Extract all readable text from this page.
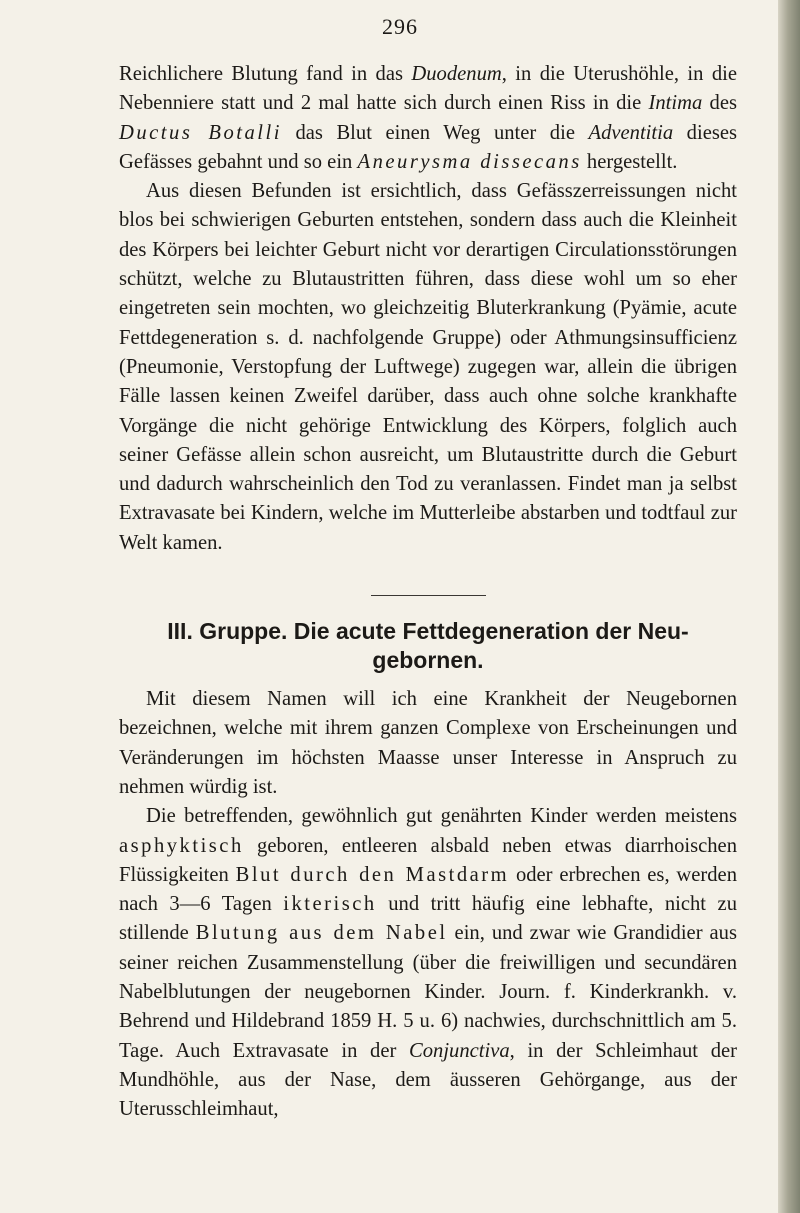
296

Reichlichere Blutung fand in das Duodenum, in die Uterushöhle, in die Nebenniere statt und 2 mal hatte sich durch einen Riss in die Intima des Ductus Botalli das Blut einen Weg unter die Adventitia dieses Gefässes gebahnt und so ein Aneurysma dissecans hergestellt.

Aus diesen Befunden ist ersichtlich, dass Gefässzerreissungen nicht blos bei schwierigen Geburten entstehen, sondern dass auch die Kleinheit des Körpers bei leichter Geburt nicht vor derartigen Circulationsstörungen schützt, welche zu Blutaustritten führen, dass diese wohl um so eher eingetreten sein mochten, wo gleichzeitig Bluterkrankung (Pyämie, acute Fettdegeneration s. d. nachfolgende Gruppe) oder Athmungsinsufficienz (Pneumonie, Verstopfung der Luftwege) zugegen war, allein die übrigen Fälle lassen keinen Zweifel darüber, dass auch ohne solche krankhafte Vorgänge die nicht gehörige Entwicklung des Körpers, folglich auch seiner Gefässe allein schon ausreicht, um Blutaustritte durch die Geburt und dadurch wahrscheinlich den Tod zu veranlassen. Findet man ja selbst Extravasate bei Kindern, welche im Mutterleibe abstarben und todtfaul zur Welt kamen.

III. Gruppe. Die acute Fettdegeneration der Neu-
gebornen.

Mit diesem Namen will ich eine Krankheit der Neugebornen bezeichnen, welche mit ihrem ganzen Complexe von Erscheinungen und Veränderungen im höchsten Maasse unser Interesse in Anspruch zu nehmen würdig ist.

Die betreffenden, gewöhnlich gut genährten Kinder werden meistens asphyktisch geboren, entleeren alsbald neben etwas diarrhoischen Flüssigkeiten Blut durch den Mastdarm oder erbrechen es, werden nach 3—6 Tagen ikterisch und tritt häufig eine lebhafte, nicht zu stillende Blutung aus dem Nabel ein, und zwar wie Grandidier aus seiner reichen Zusammenstellung (über die freiwilligen und secundären Nabelblutungen der neugebornen Kinder. Journ. f. Kinderkrankh. v. Behrend und Hildebrand 1859 H. 5 u. 6) nachwies, durchschnittlich am 5. Tage. Auch Extravasate in der Conjunctiva, in der Schleimhaut der Mundhöhle, aus der Nase, dem äusseren Gehörgange, aus der Uterusschleimhaut,
